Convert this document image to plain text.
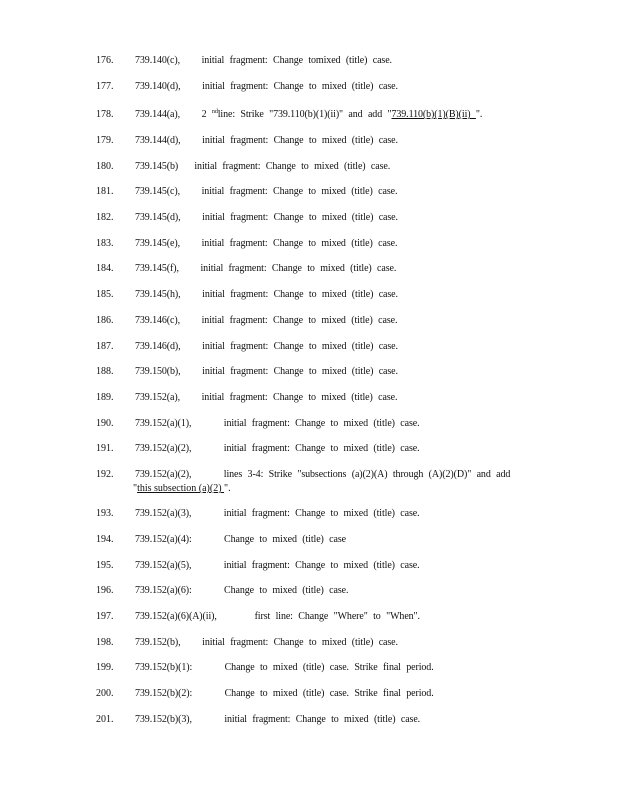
176. 739.140(c), initial fragment: Change tomixed (title) case.
177. 739.140(d), initial fragment: Change to mixed (title) case.
178. 739.144(a), 2 $^{nd}$line: Strike "739.110(b)(1)(ii)" and add "739.110(b)(1)(B)(ii) ".
179. 739.144(d), initial fragment: Change to mixed (title) case.
180. 739.145(b) initial fragment: Change to mixed (title) case.
181. 739.145(c), initial fragment: Change to mixed (title) case.
182. 739.145(d), initial fragment: Change to mixed (title) case.
183. 739.145(e), initial fragment: Change to mixed (title) case.
184. 739.145(f), initial fragment: Change to mixed (title) case.
185. 739.145(h), initial fragment: Change to mixed (title) case.
186. 739.146(c), initial fragment: Change to mixed (title) case.
187. 739.146(d), initial fragment: Change to mixed (title) case.
188. 739.150(b), initial fragment: Change to mixed (title) case.
189. 739.152(a), initial fragment: Change to mixed (title) case.
190. 739.152(a)(1),	initial fragment: Change to mixed (title) case.
191. 739.152(a)(2),	initial fragment: Change to mixed (title) case.
192. 739.152(a)(2),	lines 3-4: Strike "subsections (a)(2)(A) through (A)(2)(D)" and add
"this subsection (a)(2) ".
193. 739.152(a)(3),	initial fragment: Change to mixed (title) case.
194. 739.152(a)(4):	Change to mixed (title) case
195. 739.152(a)(5),	initial fragment: Change to mixed (title) case.
196. 739.152(a)(6):	Change to mixed (title) case.
197. 739.152(a)(6)(A)(ii),	first line: Change "Where" to "When".
198. 739.152(b), initial fragment: Change to mixed (title) case.
199. 739.152(b)(1):	Change to mixed (title) case. Strike final period.
200. 739.152(b)(2):	Change to mixed (title) case. Strike final period.
201. 739.152(b)(3),	initial fragment: Change to mixed (title) case.
